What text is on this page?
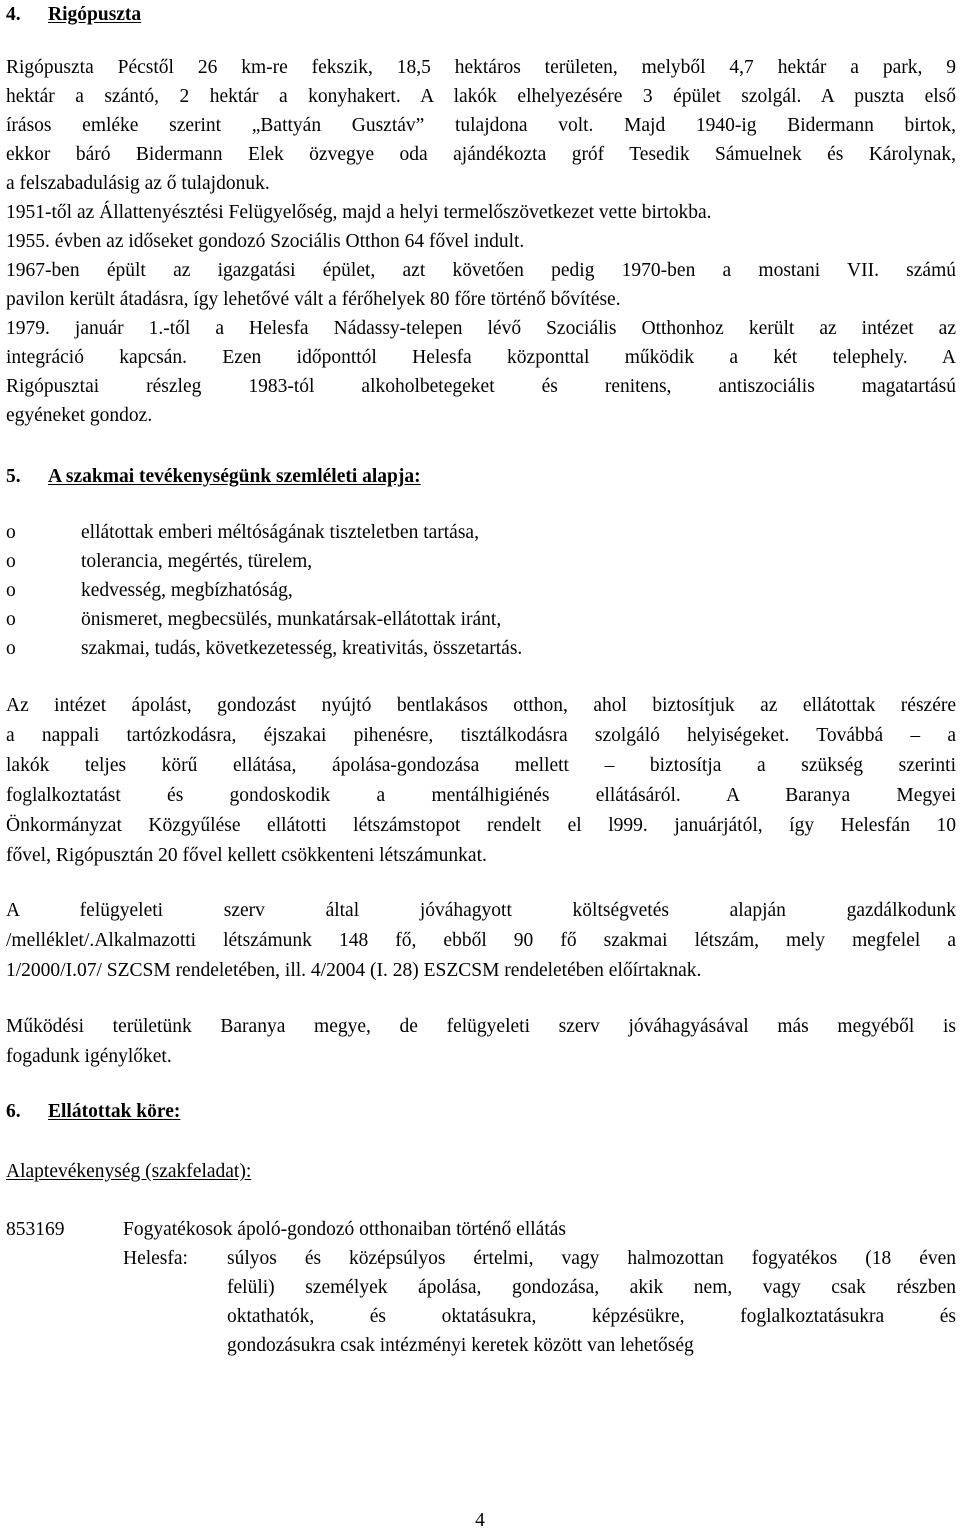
4. Rigópuszta
Rigópuszta Pécstől 26 km-re fekszik, 18,5 hektáros területen, melyből 4,7 hektár a park, 9
hektár a szántó, 2 hektár a konyhakert. A lakók elhelyezésére 3 épület szolgál. A puszta első
írásos emléke szerint „Battyán Gusztáv” tulajdona volt. Majd 1940-ig Bidermann birtok,
ekkor báró Bidermann Elek özvegye oda ajándékozta gróf Tesedik Sámuelnek és Károlynak,
a felszabadulásig az ő tulajdonuk.
1951-től az Állattenyésztési Felügyelőség, majd a helyi termelőszövetkezet vette birtokba.
1955. évben az időseket gondozó Szociális Otthon 64 fővel indult.
1967-ben épült az igazgatási épület, azt követően pedig 1970-ben a mostani VII. számú
pavilon került átadásra, így lehetővé vált a férőhelyek 80 főre történő bővítése.
1979. január 1.-től a Helesfa Nádassy-telepen lévő Szociális Otthonhoz került az intézet az
integráció kapcsán. Ezen időponttól Helesfa központtal működik a két telephely. A
Rigópusztai részleg 1983-tól alkoholbetegeket és renitens, antiszociális magatartású
egyéneket gondoz.
5. A szakmai tevékenységünk szemléleti alapja:
o	ellátottak emberi méltóságának tiszteletben tartása,
o	tolerancia, megértés, türelem,
o	kedvesség, megbízhatóság,
o	önismeret, megbecsülés, munkatársak-ellátottak iránt,
o	szakmai, tudás, következetesség, kreativitás, összetartás.
Az intézet ápolást, gondozást nyújtó bentlakásos otthon, ahol biztosítjuk az ellátottak részére
a nappali tartózkodásra, éjszakai pihenésre, tisztálkodásra szolgáló helyiségeket. Továbbá – a
lakók teljes körű ellátása, ápolása-gondozása mellett – biztosítja a szükség szerinti
foglalkoztatást és gondoskodik a mentálhigiénés ellátásáról. A Baranya Megyei
Önkormányzat Közgyűlése ellátotti létszámstopot rendelt el l999. januárjától, így Helesfán 10
fővel, Rigópusztán 20 fővel kellett csökkenteni létszámunkat.
A felügyeleti szerv által jóváhagyott költségvetés alapján gazdálkodunk
/melléklet/.Alkalmazotti létszámunk 148 fő, ebből 90 fő szakmai létszám, mely megfelel a
1/2000/I.07/ SZCSM rendeletében, ill. 4/2004 (I. 28) ESZCSM rendeletében előírtaknak.
Működési területünk Baranya megye, de felügyeleti szerv jóváhagyásával más megyéből is
fogadunk igénylőket.
6. Ellátottak köre:
Alaptevékenység (szakfeladat):
853169	Fogyatékosok ápoló-gondozó otthonaiban történő ellátás
Helesfa: súlyos és középsúlyos értelmi, vagy halmozottan fogyatékos (18 éven
felüli) személyek ápolása, gondozása, akik nem, vagy csak részben
oktathatók, és oktatásukra, képzésükre, foglalkoztatásukra és
gondozásukra csak intézményi keretek között van lehetőség
4
